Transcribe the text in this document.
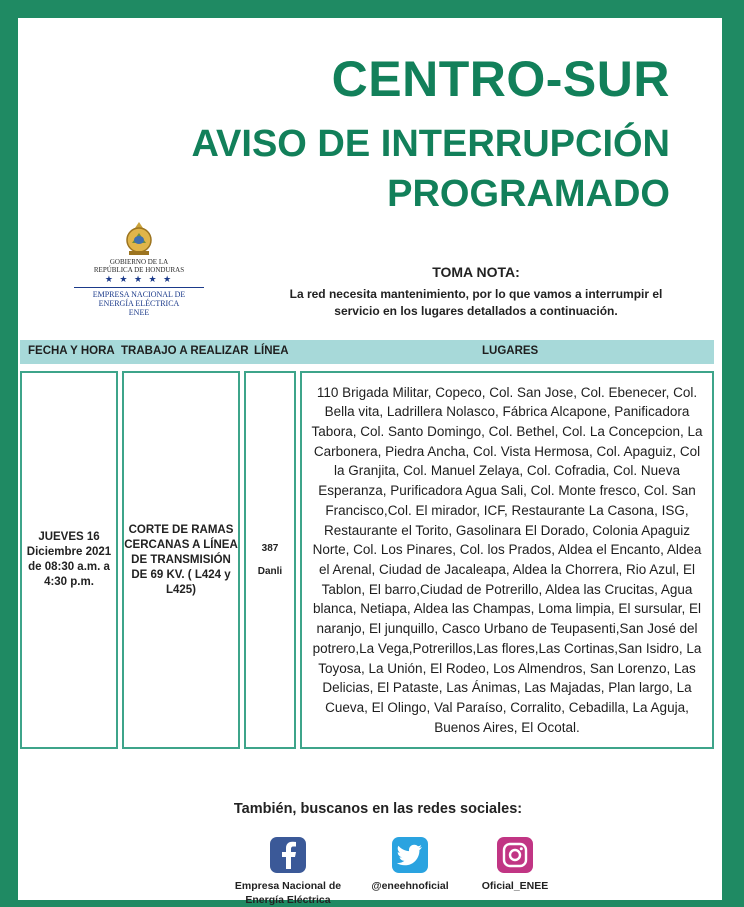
CENTRO-SUR
AVISO DE INTERRUPCIÓN
PROGRAMADO
GOBIERNO DE LA
REPÚBLICA DE HONDURAS
★ ★ ★ ★ ★
EMPRESA NACIONAL DE
ENERGÍA ELÉCTRICA
ENEE
TOMA NOTA:
La red necesita mantenimiento, por lo que vamos a interrumpir el servicio en los lugares detallados a continuación.
FECHA Y HORA TRABAJO A REALIZAR LÍNEA	LUGARES
JUEVES 16 Diciembre 2021 de 08:30 a.m. a 4:30 p.m.
CORTE DE RAMAS CERCANAS A LÍNEA DE TRANSMISIÓN DE 69 KV. ( L424 y L425)
387
Danli
110 Brigada Militar, Copeco, Col. San Jose, Col. Ebenecer, Col. Bella vita, Ladrillera Nolasco, Fábrica Alcapone, Panificadora Tabora, Col. Santo Domingo, Col. Bethel, Col. La Concepcion, La Carbonera, Piedra Ancha, Col. Vista Hermosa, Col. Apaguiz, Col la Granjita, Col. Manuel Zelaya, Col. Cofradia, Col. Nueva Esperanza, Purificadora Agua Sali, Col. Monte fresco, Col. San Francisco,Col. El mirador, ICF, Restaurante La Casona, ISG, Restaurante el Torito, Gasolinara El Dorado, Colonia Apaguiz Norte, Col. Los Pinares, Col. los Prados, Aldea el Encanto, Aldea el Arenal, Ciudad de Jacaleapa, Aldea la Chorrera, Rio Azul, El Tablon, El barro,Ciudad de Potrerillo, Aldea las Crucitas, Agua blanca, Netiapa, Aldea las Champas, Loma limpia, El sursular, El naranjo, El junquillo, Casco Urbano de Teupasenti,San José del potrero,La Vega,Potrerillos,Las flores,Las Cortinas,San Isidro, La Toyosa, La Unión, El Rodeo, Los Almendros, San Lorenzo, Las Delicias, El Pataste, Las Ánimas, Las Majadas, Plan largo, La Cueva, El Olingo, Val Paraíso, Corralito, Cebadilla, La Aguja, Buenos Aires, El Ocotal.
También, buscanos en las redes sociales:
Empresa Nacional de
Energía Eléctrica
@eneehnoficial	Oficial_ENEE
